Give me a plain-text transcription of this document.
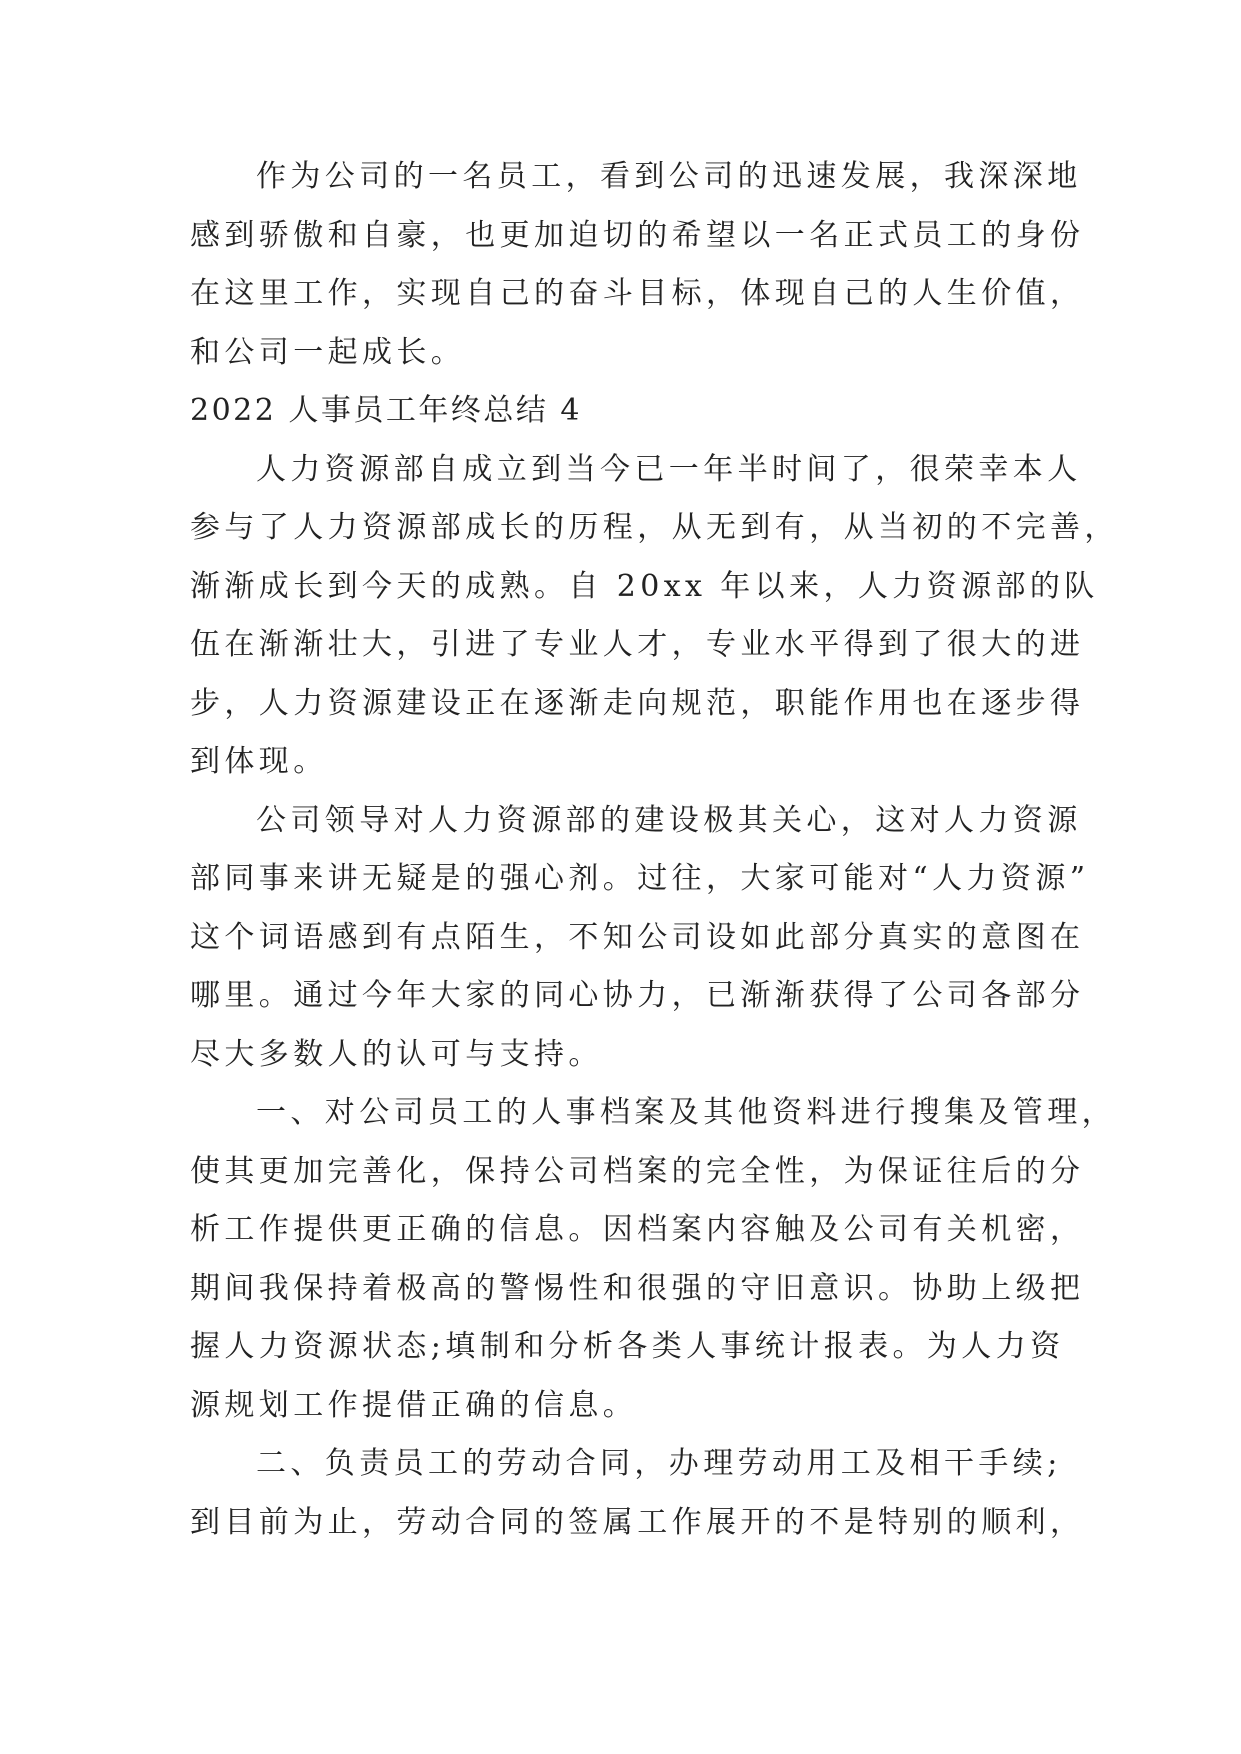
作为公司的一名员工，看到公司的迅速发展，我深深地
感到骄傲和自豪，也更加迫切的希望以一名正式员工的身份
在这里工作，实现自己的奋斗目标，体现自己的人生价值，
和公司一起成长。
2022 人事员工年终总结 4
人力资源部自成立到当今已一年半时间了，很荣幸本人
参与了人力资源部成长的历程，从无到有，从当初的不完善，
渐渐成长到今天的成熟。自 20xx 年以来，人力资源部的队
伍在渐渐壮大，引进了专业人才，专业水平得到了很大的进
步，人力资源建设正在逐渐走向规范，职能作用也在逐步得
到体现。
公司领导对人力资源部的建设极其关心，这对人力资源
部同事来讲无疑是的强心剂。过往，大家可能对“人力资源”
这个词语感到有点陌生，不知公司设如此部分真实的意图在
哪里。通过今年大家的同心协力，已渐渐获得了公司各部分
尽大多数人的认可与支持。
一、对公司员工的人事档案及其他资料进行搜集及管理，
使其更加完善化，保持公司档案的完全性，为保证往后的分
析工作提供更正确的信息。因档案内容触及公司有关机密，
期间我保持着极高的警惕性和很强的守旧意识。协助上级把
握人力资源状态;填制和分析各类人事统计报表。为人力资
源规划工作提借正确的信息。
二、负责员工的劳动合同，办理劳动用工及相干手续;
到目前为止，劳动合同的签属工作展开的不是特别的顺利，
